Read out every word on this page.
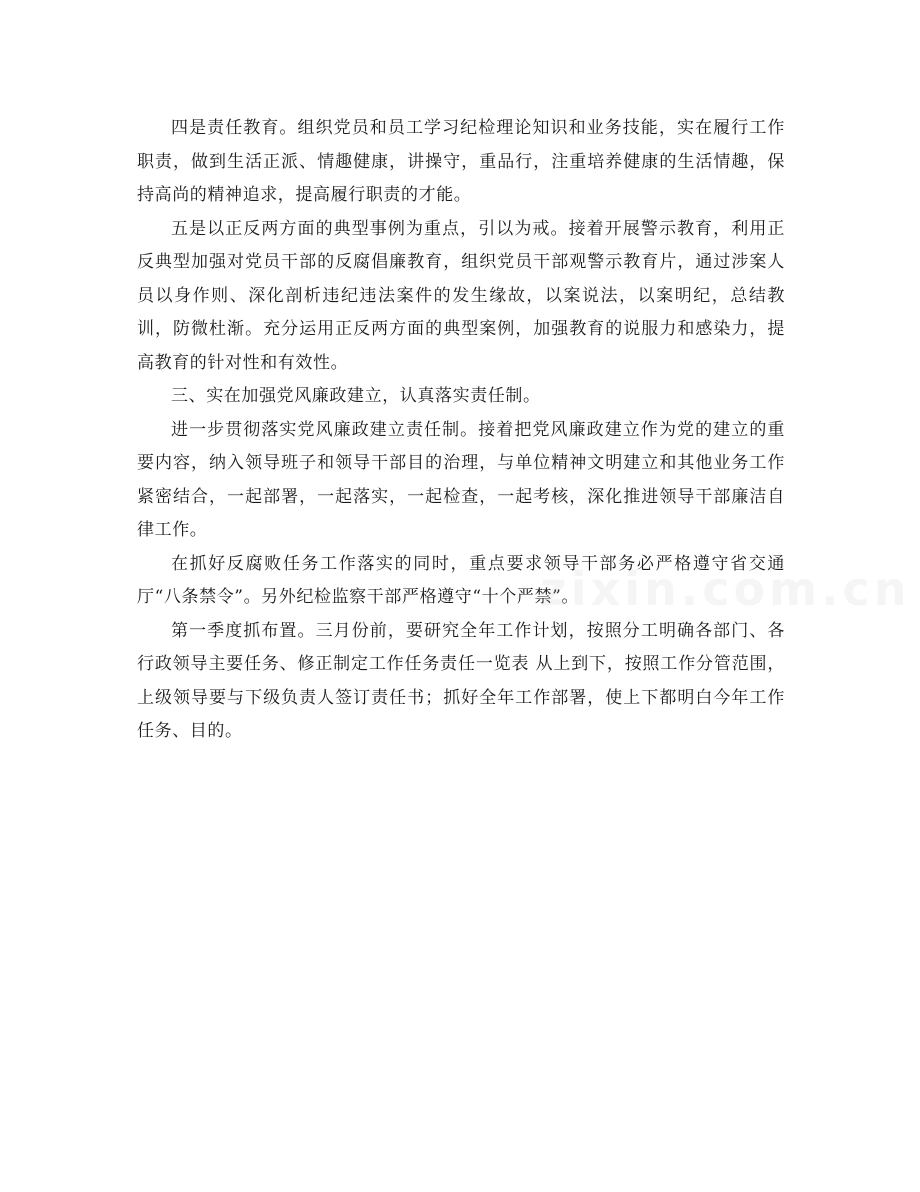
四是责任教育。组织党员和员工学习纪检理论知识和业务技能，实在履行工作职责，做到生活正派、情趣健康，讲操守，重品行，注重培养健康的生活情趣，保持高尚的精神追求，提高履行职责的才能。

五是以正反两方面的典型事例为重点，引以为戒。接着开展警示教育，利用正反典型加强对党员干部的反腐倡廉教育，组织党员干部观警示教育片，通过涉案人员以身作则、深化剖析违纪违法案件的发生缘故，以案说法，以案明纪，总结教训，防微杜渐。充分运用正反两方面的典型案例，加强教育的说服力和感染力，提高教育的针对性和有效性。

三、实在加强党风廉政建立，认真落实责任制。

进一步贯彻落实党风廉政建立责任制。接着把党风廉政建立作为党的建立的重要内容，纳入领导班子和领导干部目的治理，与单位精神文明建立和其他业务工作紧密结合，一起部署，一起落实，一起检查，一起考核，深化推进领导干部廉洁自律工作。

在抓好反腐败任务工作落实的同时，重点要求领导干部务必严格遵守省交通厅“八条禁令”。另外纪检监察干部严格遵守“十个严禁”。

第一季度抓布置。三月份前，要研究全年工作计划，按照分工明确各部门、各行政领导主要任务、修正制定工作任务责任一览表 从上到下，按照工作分管范围，上级领导要与下级负责人签订责任书；抓好全年工作部署，使上下都明白今年工作任务、目的。

zixin.com.cn
